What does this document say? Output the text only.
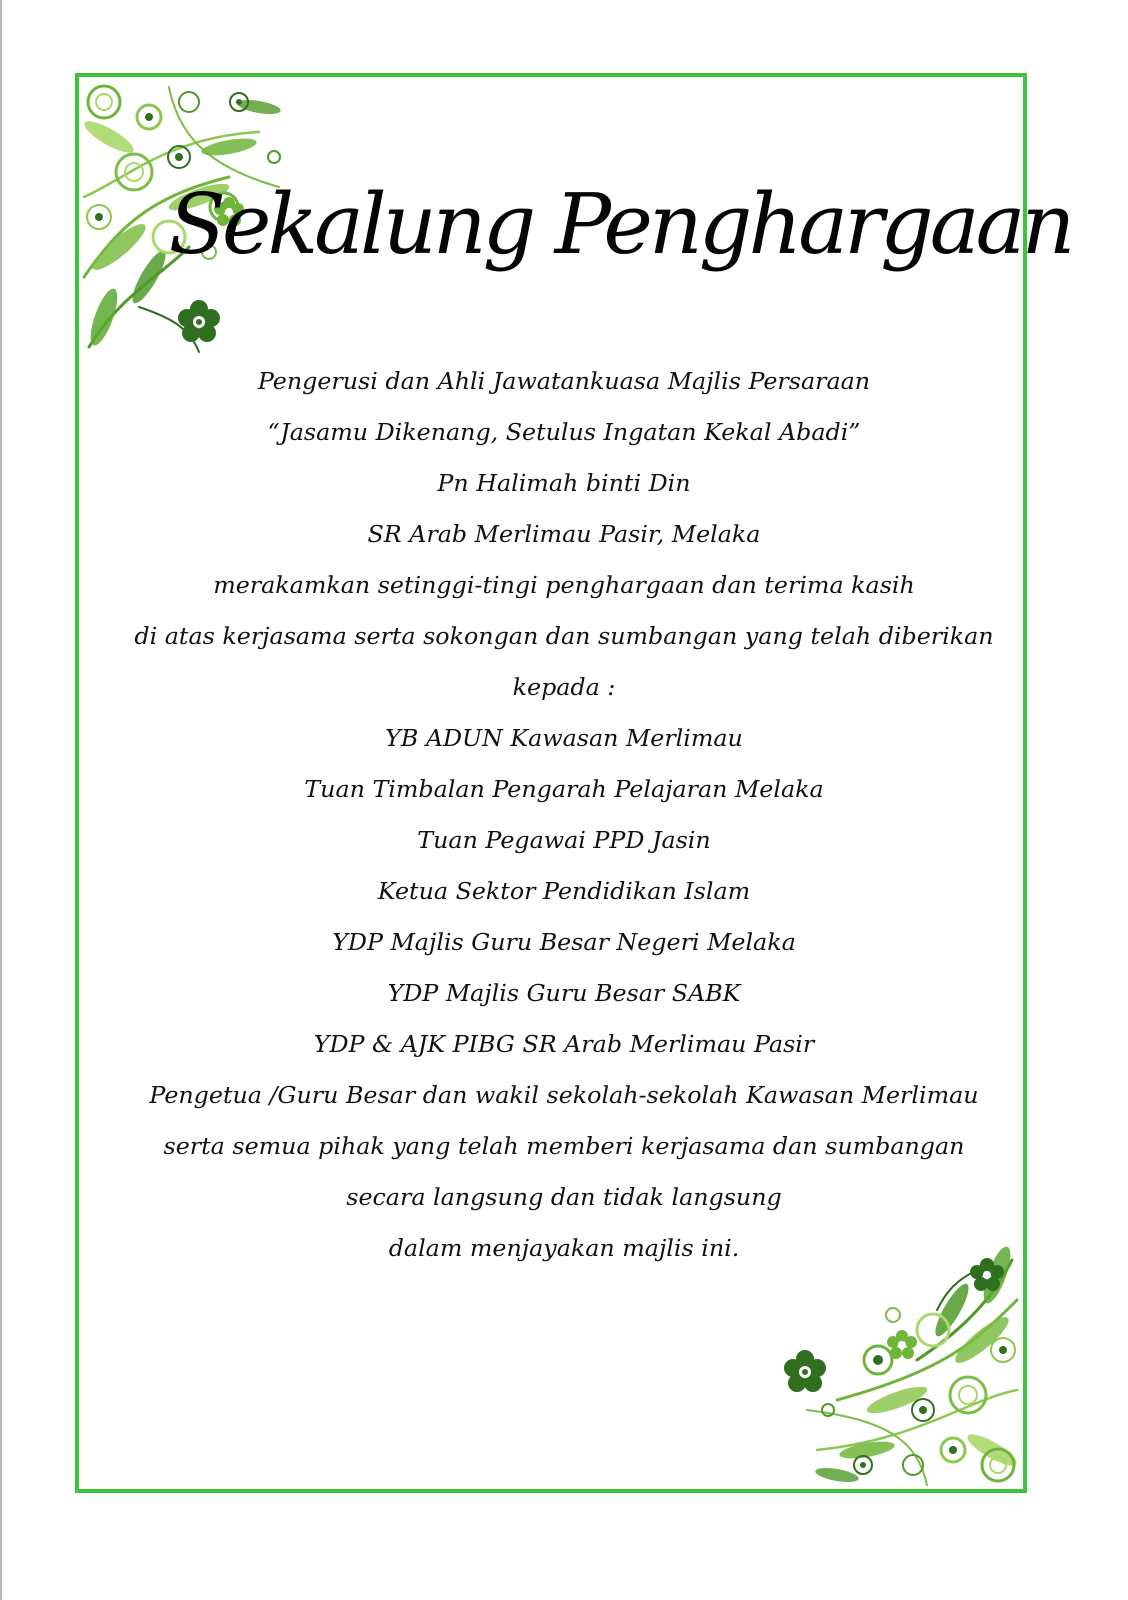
Sekalung Penghargaan
Pengerusi dan Ahli Jawatankuasa Majlis Persaraan
“Jasamu Dikenang, Setulus Ingatan Kekal Abadi”
Pn Halimah binti Din
SR Arab Merlimau Pasir, Melaka
merakamkan setinggi-tingi penghargaan dan terima kasih
di atas kerjasama serta sokongan dan sumbangan yang telah diberikan
kepada :
YB ADUN Kawasan Merlimau
Tuan Timbalan Pengarah Pelajaran Melaka
Tuan Pegawai PPD Jasin
Ketua Sektor Pendidikan Islam
YDP Majlis Guru Besar Negeri Melaka
YDP Majlis Guru Besar SABK
YDP & AJK PIBG SR Arab Merlimau Pasir
Pengetua /Guru Besar dan wakil sekolah-sekolah Kawasan Merlimau
serta semua pihak yang telah memberi kerjasama dan sumbangan
secara langsung dan tidak langsung
dalam menjayakan majlis ini.
